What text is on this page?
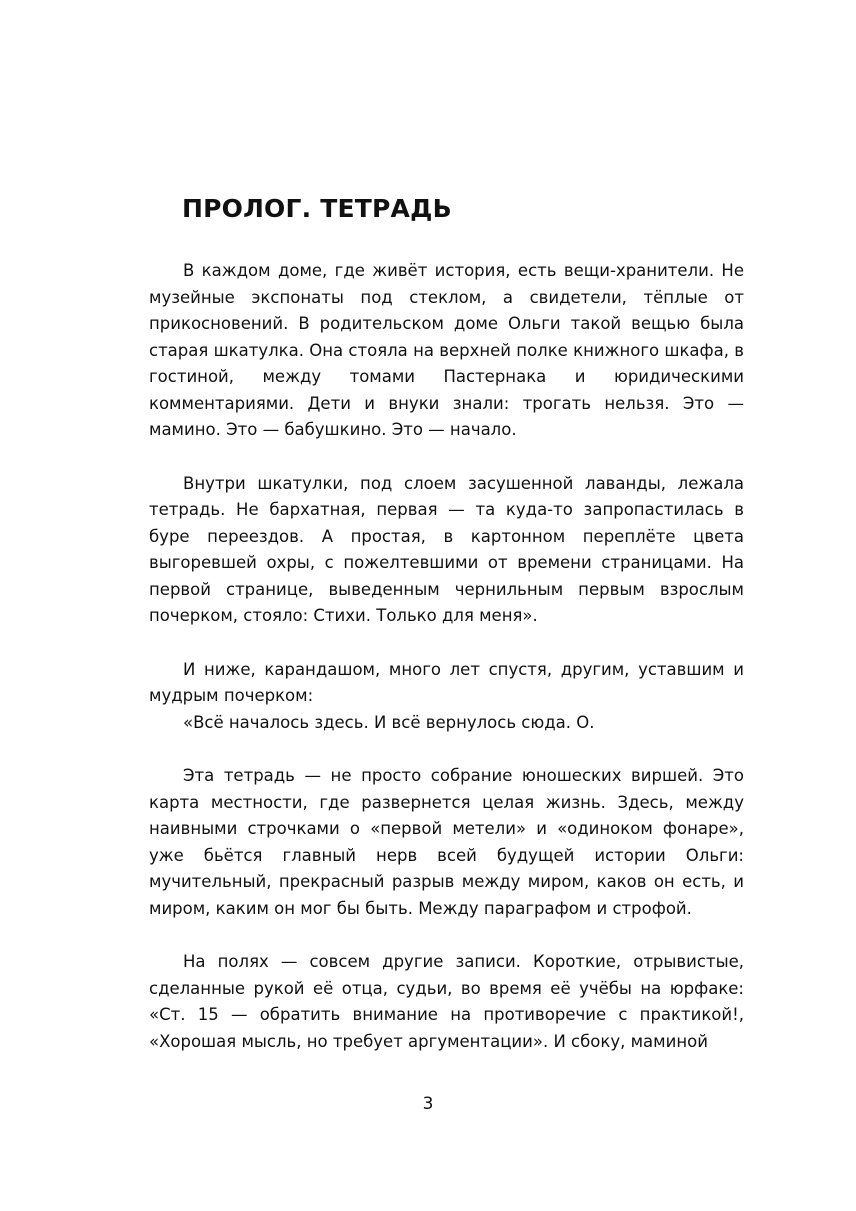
ПРОЛОГ. ТЕТРАДЬ

В каждом доме, где живёт история, есть вещи-хранители. Не музейные экспонаты под стеклом, а свидетели, тёплые от прикосновений. В родительском доме Ольги такой вещью была старая шкатулка. Она стояла на верхней полке книжного шкафа, в гостиной, между томами Пастернака и юридическими комментариями. Дети и внуки знали: трогать нельзя. Это — мамино. Это — бабушкино. Это — начало.

Внутри шкатулки, под слоем засушенной лаванды, лежала тетрадь. Не бархатная, первая — та куда-то запропастилась в буре переездов. А простая, в картонном переплёте цвета выгоревшей охры, с пожелтевшими от времени страницами. На первой странице, выведенным чернильным первым взрослым почерком, стояло: Стихи. Только для меня».

И ниже, карандашом, много лет спустя, другим, уставшим и мудрым почерком:

«Всё началось здесь. И всё вернулось сюда. О.

Эта тетрадь — не просто собрание юношеских виршей. Это карта местности, где развернется целая жизнь. Здесь, между наивными строчками о «первой метели» и «одиноком фонаре», уже бьётся главный нерв всей будущей истории Ольги: мучительный, прекрасный разрыв между миром, каков он есть, и миром, каким он мог бы быть. Между параграфом и строфой.

На полях — совсем другие записи. Короткие, отрывистые, сделанные рукой её отца, судьи, во время её учёбы на юрфаке: «Ст. 15 — обратить внимание на противоречие с практикой!, «Хорошая мысль, но требует аргументации». И сбоку, маминой

3
